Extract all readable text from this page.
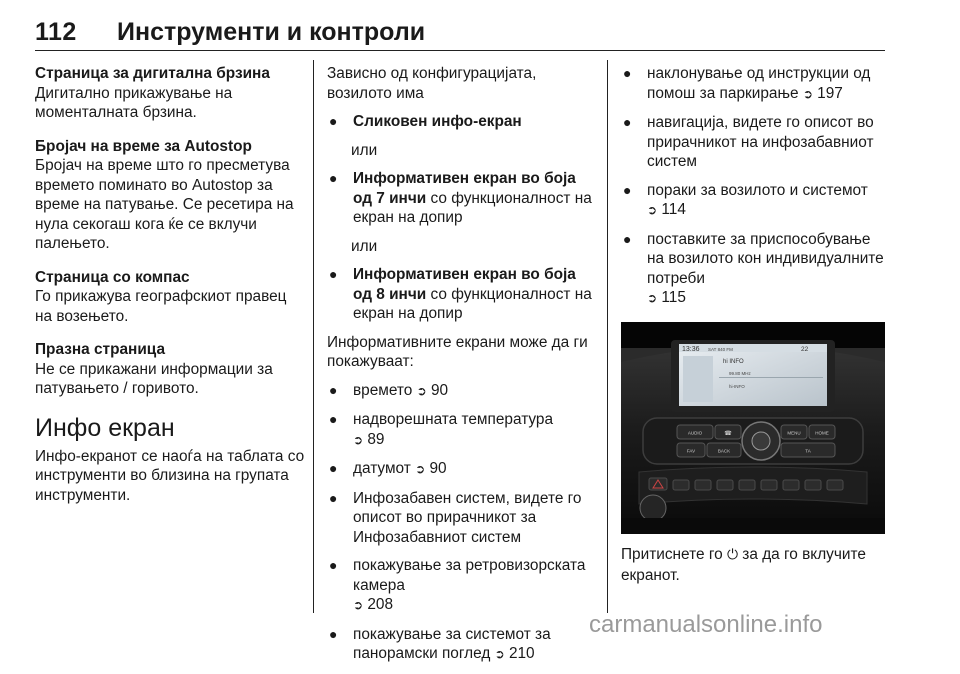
112 Инструменти и контроли
Страница за дигитална брзина
Дигитално прикажување на моменталната брзина.
Бројач на време за Autostop
Бројач на време што го пресметува времето поминато во Autostop за време на патување. Се ресетира на нула секогаш кога ќе се вклучи палењето.
Страница со компас
Го прикажува географскиот правец на возењето.
Празна страница
Не се прикажани информации за патувањето / горивото.
Инфо екран
Инфо-екранот се наоѓа на таблата со инструменти во близина на групата инструменти.
Зависно од конфигурацијата, возилото има
●	Сликовен инфо-екран
или
●	Информативен екран во боја од 7 инчи со функционалност на екран на допир
или
●	Информативен екран во боја од 8 инчи со функционалност на екран на допир
Информативните екрани може да ги покажуваат:
●	времето ➲ 90
●	надворешната температура
➲ 89
●	датумот ➲ 90
●	Инфозабавен систем, видете го описот во прирачникот за Инфозабавниот систем
●	покажување за ретровизорската камера
➲ 208
●	покажување за системот за панорамски поглед ➲ 210
●	наклонување од инструкции од помош за паркирање ➲ 197
●	навигација, видете го описот во прирачникот на инфозабавниот систем
●	пораки за возилото и системот
➲ 114
●	поставките за приспособување на возилото кон индивидуалните потреби
➲ 115
13:36 SAT 840 FM	22
hi INFO
99.80 MHz
hi-INFO
AUDIO	☎	MENU	HOME
FAV	BACK	TA
Притиснете го ⏻ за да го вклучите екранот.
carmanualsonline.info
